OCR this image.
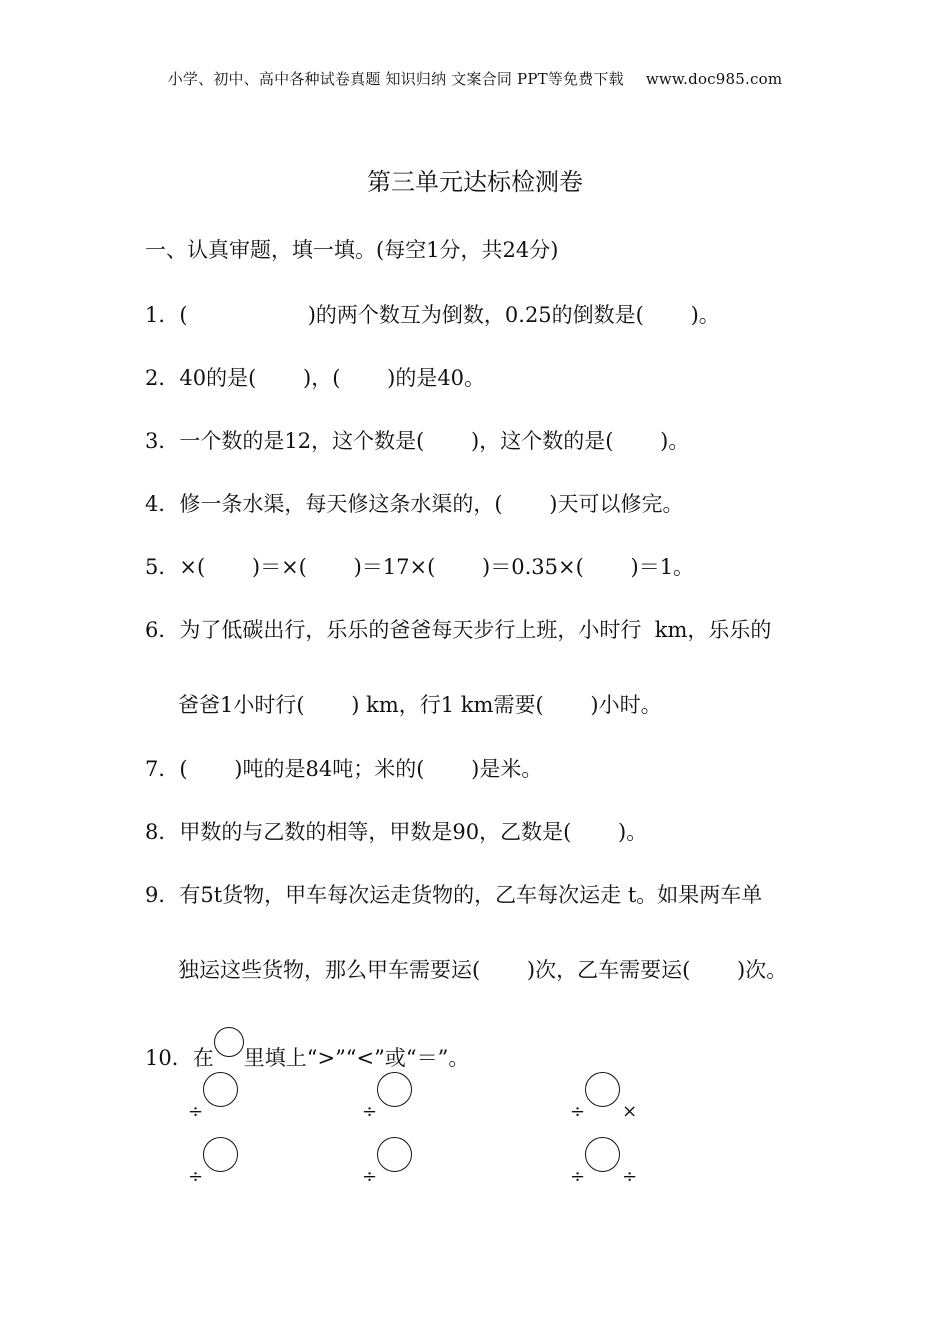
小学、初中、高中各种试卷真题 知识归纳 文案合同 PPT等免费下载 www.doc985.com
第三单元达标检测卷
一、认真审题，填一填。(每空1分，共24分)
1．(                  )的两个数互为倒数，0.25的倒数是(       )。
2．40的是(       )，(       )的是40。
3．一个数的是12，这个数是(       )，这个数的是(       )。
4．修一条水渠，每天修这条水渠的，(       )天可以修完。
5．×(       )＝×(       )＝17×(       )＝0.35×(       )＝1。
6．为了低碳出行，乐乐的爸爸每天步行上班，小时行  km，乐乐的
爸爸1小时行(       ) km，行1 km需要(       )小时。
7．(       )吨的是84吨；米的(       )是米。
8．甲数的与乙数的相等，甲数是90，乙数是(       )。
9．有5t货物，甲车每次运走货物的，乙车每次运走 t。如果两车单
独运这些货物，那么甲车需要运(       )次，乙车需要运(       )次。
10．在 里填上“>”“<”或“＝”。
÷	÷	÷ ×
÷	÷	÷ ÷
